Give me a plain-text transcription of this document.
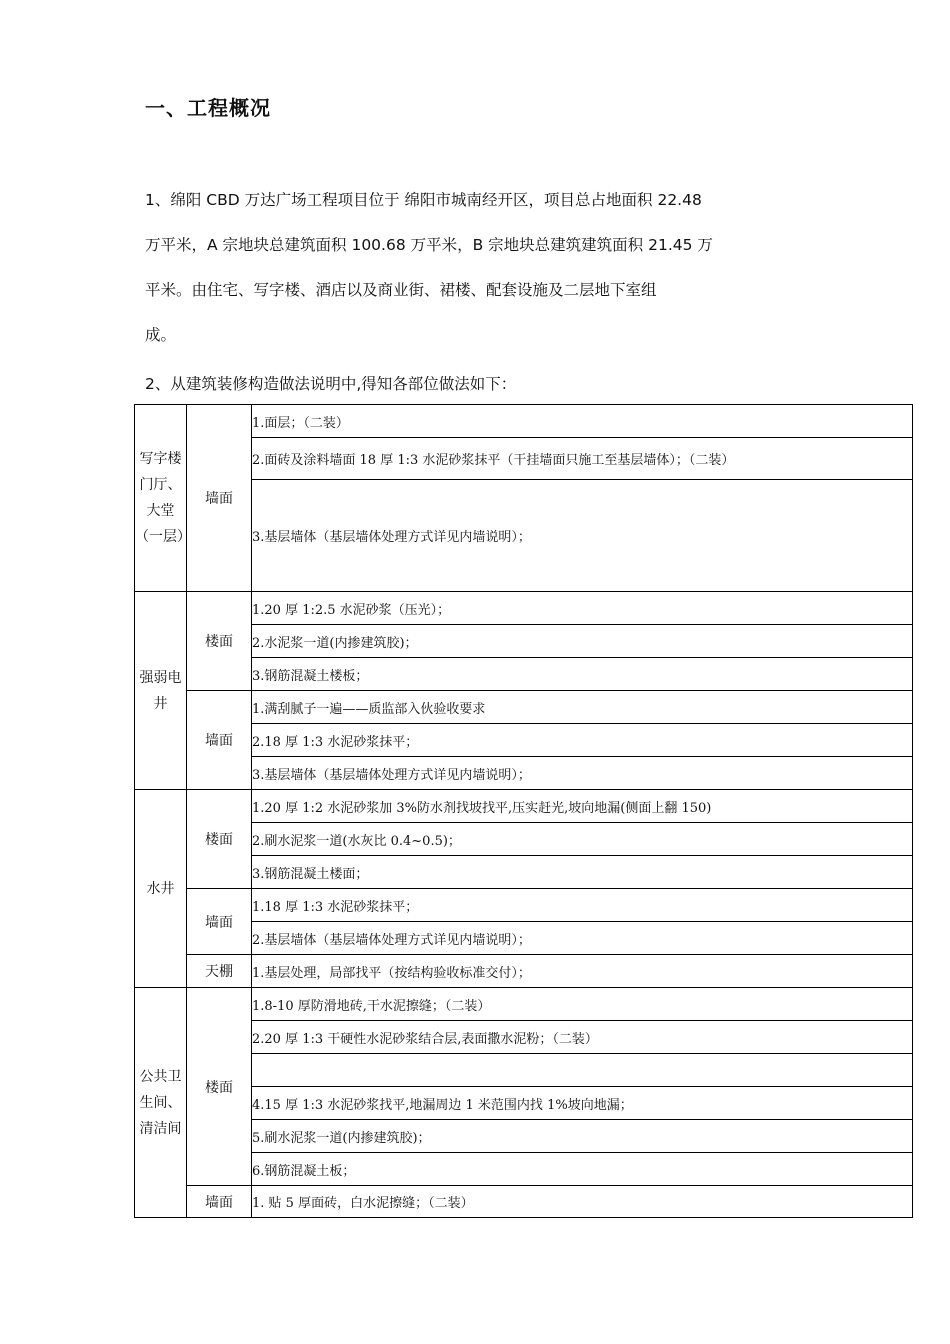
一、工程概况
1、绵阳 CBD 万达广场工程项目位于 绵阳市城南经开区，项目总占地面积 22.48
万平米，A 宗地块总建筑面积 100.68 万平米，B 宗地块总建筑建筑面积 21.45 万
平米。由住宅、写字楼、酒店以及商业街、裙楼、配套设施及二层地下室组
成。
2、从建筑装修构造做法说明中,得知各部位做法如下：
写字楼门厅、大堂（一层）	墙面	1.面层；（二装）
		2.面砖及涂料墙面 18 厚 1:3 水泥砂浆抹平（干挂墙面只施工至基层墙体）；（二装）
		3.基层墙体（基层墙体处理方式详见内墙说明）；
强弱电井	楼面	1.20 厚 1:2.5 水泥砂浆（压光）；
		2.水泥浆一道(内掺建筑胶)；
		3.钢筋混凝土楼板；
	墙面	1.满刮腻子一遍——质监部入伙验收要求
		2.18 厚 1:3 水泥砂浆抹平；
		3.基层墙体（基层墙体处理方式详见内墙说明）；
水井	楼面	1.20 厚 1:2 水泥砂浆加 3%防水剂找坡找平,压实赶光,坡向地漏(侧面上翻 150)
		2.刷水泥浆一道(水灰比 0.4~0.5)；
		3.钢筋混凝土楼面；
	墙面	1.18 厚 1:3 水泥砂浆抹平；
		2.基层墙体（基层墙体处理方式详见内墙说明）；
	天棚	1.基层处理，局部找平（按结构验收标准交付）；
公共卫生间、清洁间	楼面	1.8-10 厚防滑地砖,干水泥擦缝；（二装）
		2.20 厚 1:3 干硬性水泥砂浆结合层,表面撒水泥粉；（二装）

		4.15 厚 1:3 水泥砂浆找平,地漏周边 1 米范围内找 1%坡向地漏；
		5.刷水泥浆一道(内掺建筑胶)；
		6.钢筋混凝土板；
	墙面	1. 贴 5 厚面砖，白水泥擦缝；（二装）
